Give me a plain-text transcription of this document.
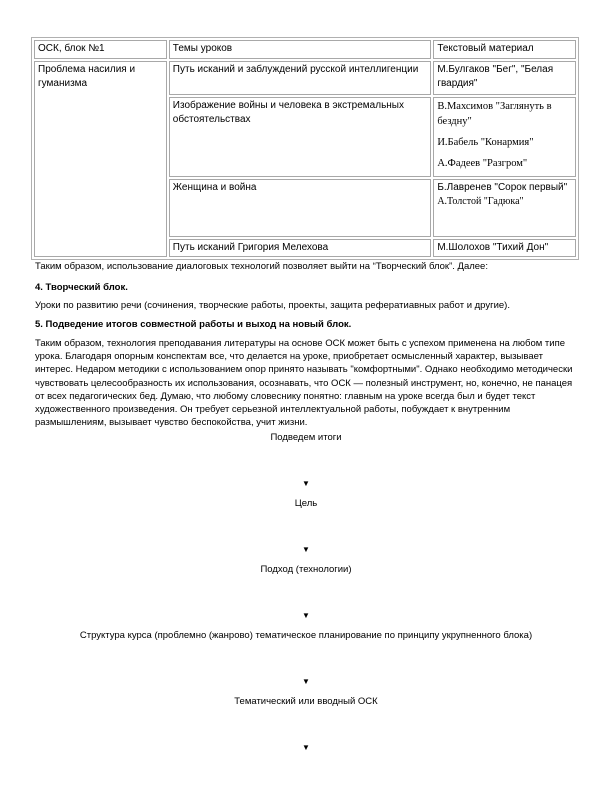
ОСК, блок №1	Темы уроков	Текстовый материал
Проблема насилия и гуманизма	Путь исканий и заблуждений русской интеллигенции	М.Булгаков "Бег", "Белая гвардия"
	Изображение войны и человека в экстремальных обстоятельствах	В.Махсимов "Заглянуть в бездну"
И.Бабель "Конармия"
А.Фадеев "Разгром"

	Женщина и война	Б.Лавренев "Сорок первый"
А.Толстой "Гадюка"

	Путь исканий Григория Мелехова	М.Шолохов "Тихий Дон"
Таким образом, использование диалоговых технологий позволяет выйти на “Творческий блок”. Далее:
4. Творческий блок.
Уроки по развитию речи (сочинения, творческие работы, проекты, защита рефератиавных работ и другие).
5. Подведение итогов совместной работы и выход на новый блок.
Таким образом, технология преподавания литературы на основе ОСК может быть с успехом применена на любом типе урока. Благодаря опорным конспектам все, что делается на уроке, приобретает осмысленный характер, вызывает интерес. Недаром методики с использованием опор принято называть "комфортными". Однако необходимо методически чувствовать целесообразность их использования, осознавать, что ОСК — полезный инструмент, но, конечно, не панацея от всех педагогических бед. Думаю, что любому словеснику понятно: главным на уроке всегда был и будет текст художественного произведения. Он требует серьезной интеллектуальной работы, побуждает к внутренним размышлениям, вызывает чувство беспокойства, учит жизни.
Подведем итоги
▼
Цель
▼
Подход (технологии)
▼
Структура курса (проблемно (жанрово) тематическое планирование по принципу укрупненного блока)
▼
Тематический или вводный ОСК
▼
